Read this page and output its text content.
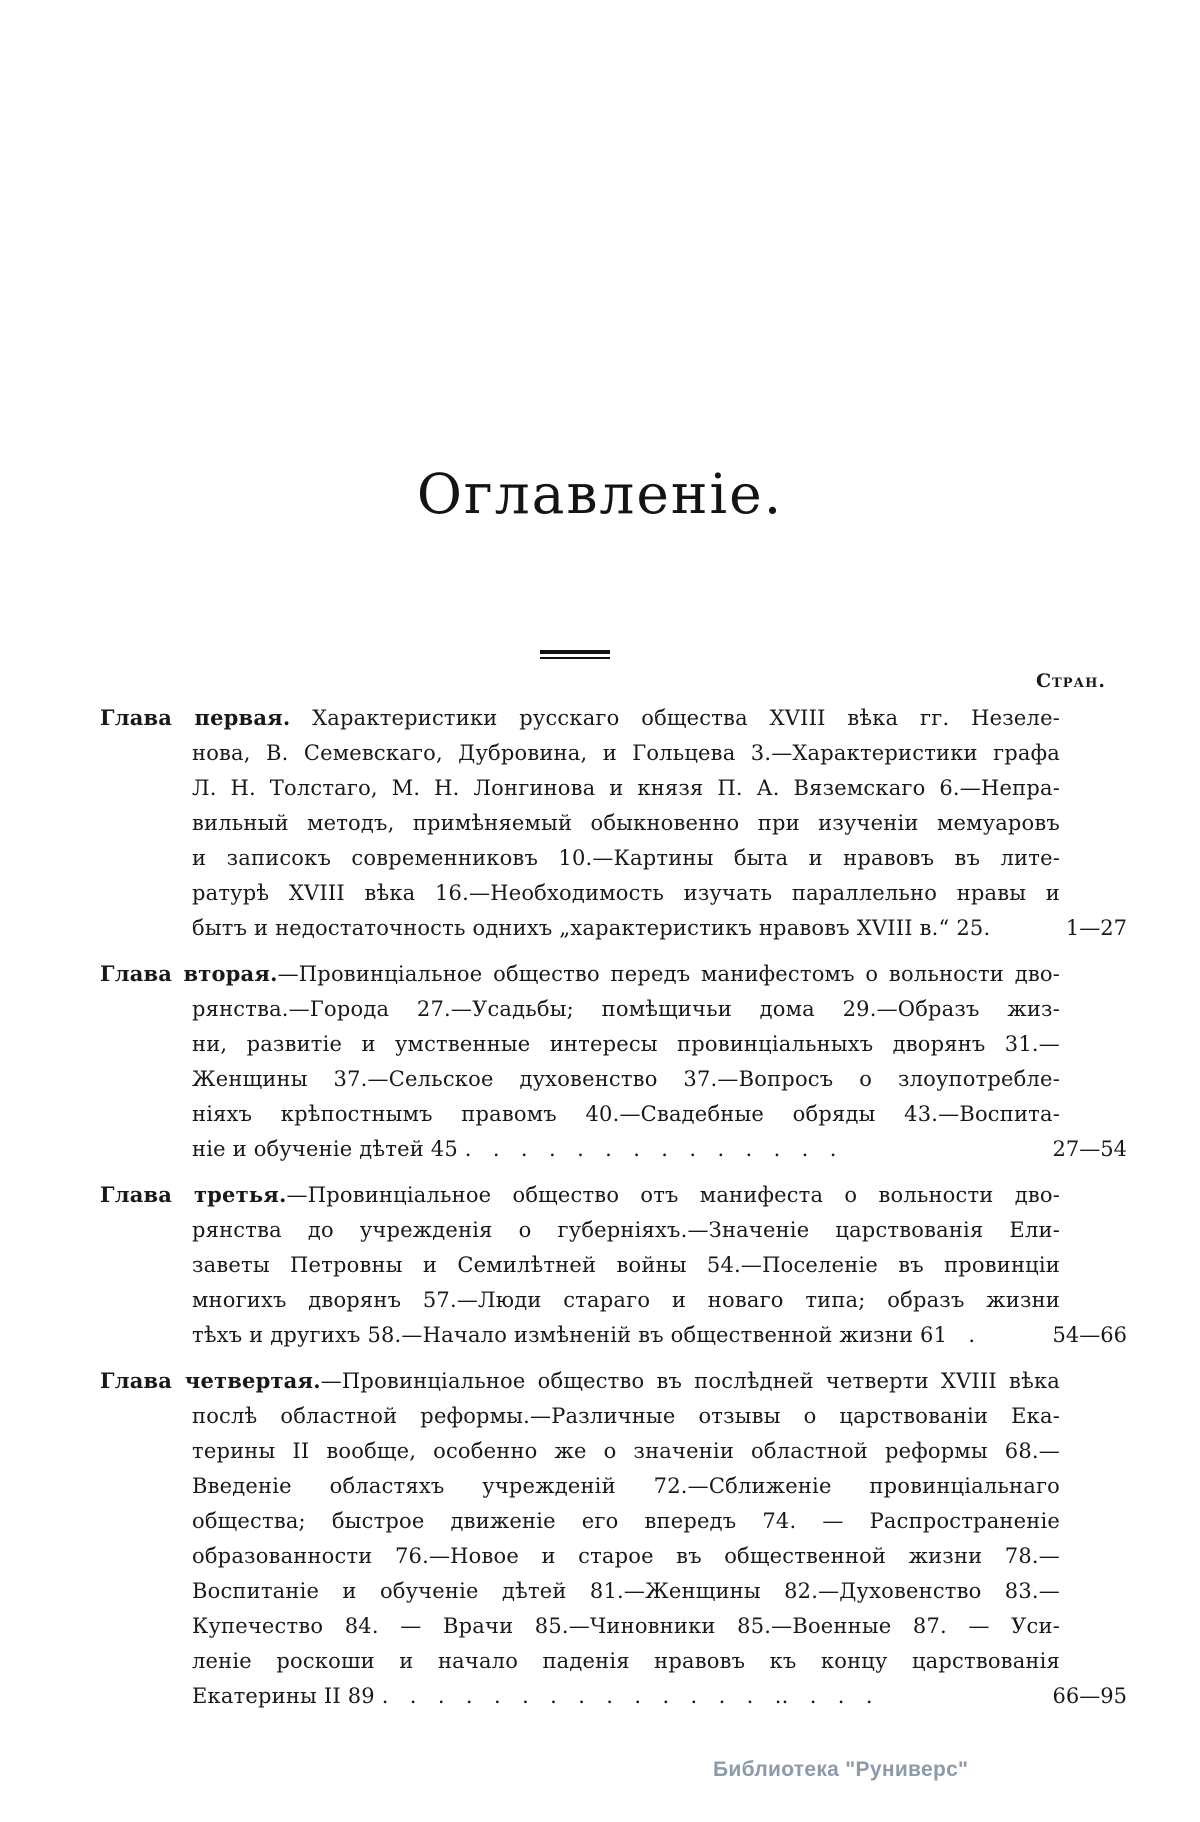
Оглавленіе.
Стран.
Глава первая. Характеристики русскаго общества XVIII вѣка гг. Незеле-
нова, В. Семевскаго, Дубровина, и Гольцева 3.—Характеристики графа
Л. Н. Толстаго, М. Н. Лонгинова и князя П. А. Вяземскаго 6.—Непра-
вильный методъ, примѣняемый обыкновенно при изученіи мемуаровъ
и записокъ современниковъ 10.—Картины быта и нравовъ въ лите-
ратурѣ XVIII вѣка 16.—Необходимость изучать параллельно нравы и
бытъ и недостаточность однихъ „характеристикъ нравовъ XVIII в.“ 25.	1—27
Глава вторая.—Провинціальное общество передъ манифестомъ о вольности дво-
рянства.—Города 27.—Усадьбы; помѣщичьи дома 29.—Образъ жиз-
ни, развитіе и умственные интересы провинціальныхъ дворянъ 31.—
Женщины 37.—Сельское духовенство 37.—Вопросъ о злоупотребле-
ніяхъ крѣпостнымъ правомъ 40.—Свадебные обряды 43.—Воспита-
ніе и обученіе дѣтей 45 . . . . . . . . . . . . . .	27—54
Глава третья.—Провинціальное общество отъ манифеста о вольности дво-
рянства до учрежденія о губерніяхъ.—Значеніе царствованія Ели-
заветы Петровны и Семилѣтней войны 54.—Поселеніе въ провинціи
многихъ дворянъ 57.—Люди стараго и новаго типа; образъ жизни
тѣхъ и другихъ 58.—Начало измѣненій въ общественной жизни 61 .	54—66
Глава четвертая.—Провинціальное общество въ послѣдней четверти XVIII вѣка
послѣ областной реформы.—Различные отзывы о царствованіи Ека-
терины II вообще, особенно же о значеніи областной реформы 68.—
Введеніе областяхъ учрежденій 72.—Сближеніе провинціальнаго
общества; быстрое движеніе его впередъ 74. — Распространеніе
образованности 76.—Новое и старое въ общественной жизни 78.—
Воспитаніе и обученіе дѣтей 81.—Женщины 82.—Духовенство 83.—
Купечество 84. — Врачи 85.—Чиновники 85.—Военные 87. — Уси-
леніе роскоши и начало паденія нравовъ къ концу царствованія
Екатерины II 89 . . . . . . . . . . . . . . .. . . .	66—95
Библиотека "Руниверс"
